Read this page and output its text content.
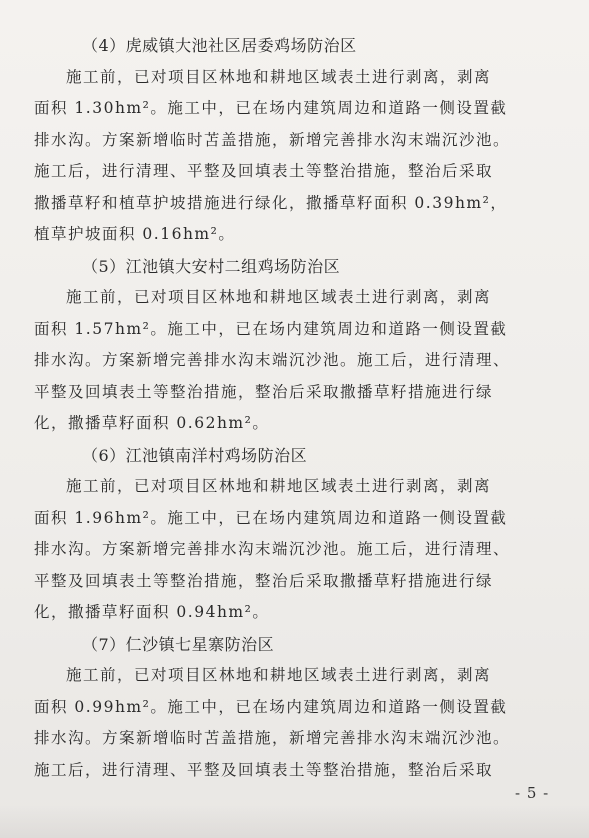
（4）虎威镇大池社区居委鸡场防治区
施工前，已对项目区林地和耕地区域表土进行剥离，剥离
面积 1.30hm²。施工中，已在场内建筑周边和道路一侧设置截
排水沟。方案新增临时苫盖措施，新增完善排水沟末端沉沙池。
施工后，进行清理、平整及回填表土等整治措施，整治后采取
撒播草籽和植草护坡措施进行绿化，撒播草籽面积 0.39hm²，
植草护坡面积 0.16hm²。
（5）江池镇大安村二组鸡场防治区
施工前，已对项目区林地和耕地区域表土进行剥离，剥离
面积 1.57hm²。施工中，已在场内建筑周边和道路一侧设置截
排水沟。方案新增完善排水沟末端沉沙池。施工后，进行清理、
平整及回填表土等整治措施，整治后采取撒播草籽措施进行绿
化，撒播草籽面积 0.62hm²。
（6）江池镇南洋村鸡场防治区
施工前，已对项目区林地和耕地区域表土进行剥离，剥离
面积 1.96hm²。施工中，已在场内建筑周边和道路一侧设置截
排水沟。方案新增完善排水沟末端沉沙池。施工后，进行清理、
平整及回填表土等整治措施，整治后采取撒播草籽措施进行绿
化，撒播草籽面积 0.94hm²。
（7）仁沙镇七星寨防治区
施工前，已对项目区林地和耕地区域表土进行剥离，剥离
面积 0.99hm²。施工中，已在场内建筑周边和道路一侧设置截
排水沟。方案新增临时苫盖措施，新增完善排水沟末端沉沙池。
施工后，进行清理、平整及回填表土等整治措施，整治后采取
- 5 -
